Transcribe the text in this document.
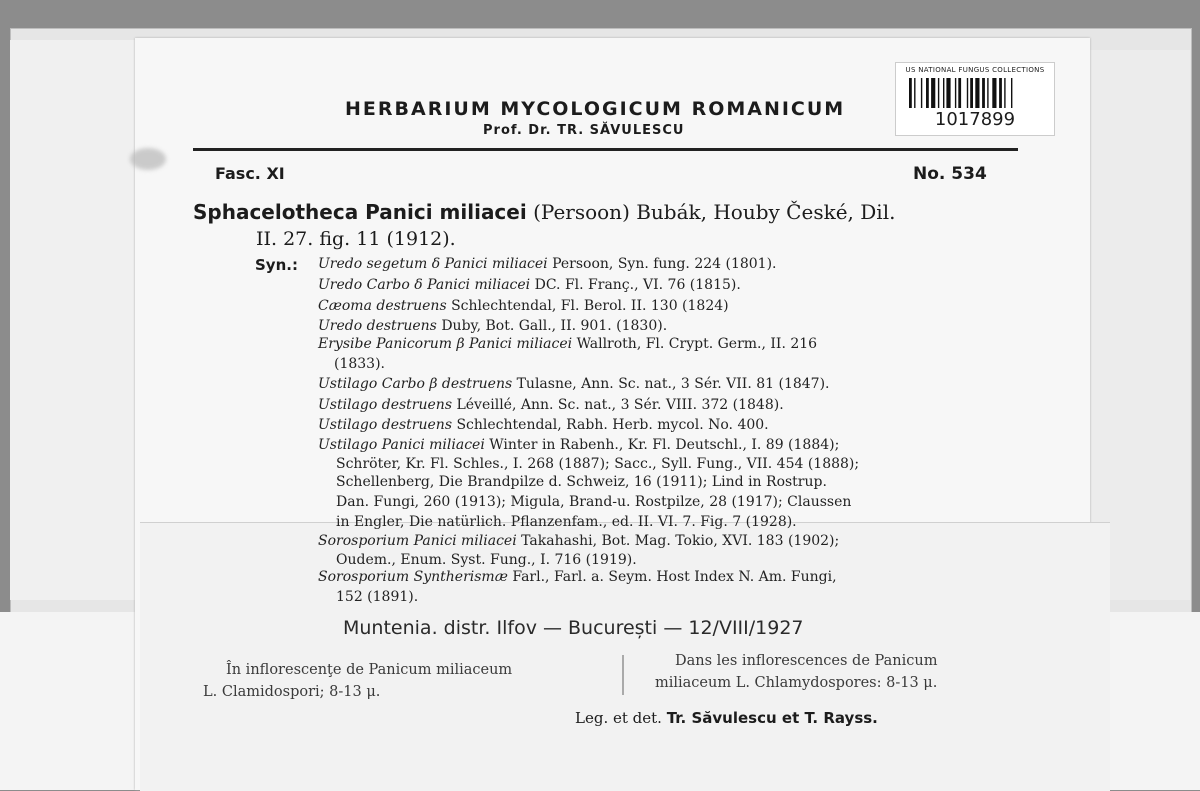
US NATIONAL FUNGUS COLLECTIONS
1017899
HERBARIUM MYCOLOGICUM ROMANICUM
Prof. Dr. TR. SĂVULESCU
Fasc. XI	No. 534
Sphacelotheca Panici miliacei (Persoon) Bubák, Houby České, Dil.
II. 27. fig. 11 (1912).
Syn.: Uredo segetum δ Panici miliacei Persoon, Syn. fung. 224 (1801).
Uredo Carbo δ Panici miliacei DC. Fl. Franç., VI. 76 (1815).
Cæoma destruens Schlechtendal, Fl. Berol. II. 130 (1824)
Uredo destruens Duby, Bot. Gall., II. 901. (1830).
Erysibe Panicorum β Panici miliacei Wallroth, Fl. Crypt. Germ., II. 216
(1833).
Ustilago Carbo β destruens Tulasne, Ann. Sc. nat., 3 Sér. VII. 81 (1847).
Ustilago destruens Léveillé, Ann. Sc. nat., 3 Sér. VIII. 372 (1848).
Ustilago destruens Schlechtendal, Rabh. Herb. mycol. No. 400.
Ustilago Panici miliacei Winter in Rabenh., Kr. Fl. Deutschl., I. 89 (1884);
Schröter, Kr. Fl. Schles., I. 268 (1887); Sacc., Syll. Fung., VII. 454 (1888);
Schellenberg, Die Brandpilze d. Schweiz, 16 (1911); Lind in Rostrup.
Dan. Fungi, 260 (1913); Migula, Brand-u. Rostpilze, 28 (1917); Claussen
in Engler, Die natürlich. Pflanzenfam., ed. II. VI. 7. Fig. 7 (1928).
Sorosporium Panici miliacei Takahashi, Bot. Mag. Tokio, XVI. 183 (1902);
Oudem., Enum. Syst. Fung., I. 716 (1919).
Sorosporium Syntherismæ Farl., Farl. a. Seym. Host Index N. Am. Fungi,
152 (1891).
Muntenia. distr. Ilfov — București — 12/VIII/1927
În inflorescenţe de Panicum miliaceum
L. Clamidospori; 8-13 μ.
Dans les inflorescences de Panicum
miliaceum L. Chlamydospores: 8-13 μ.
Leg. et det. Tr. Săvulescu et T. Rayss.
